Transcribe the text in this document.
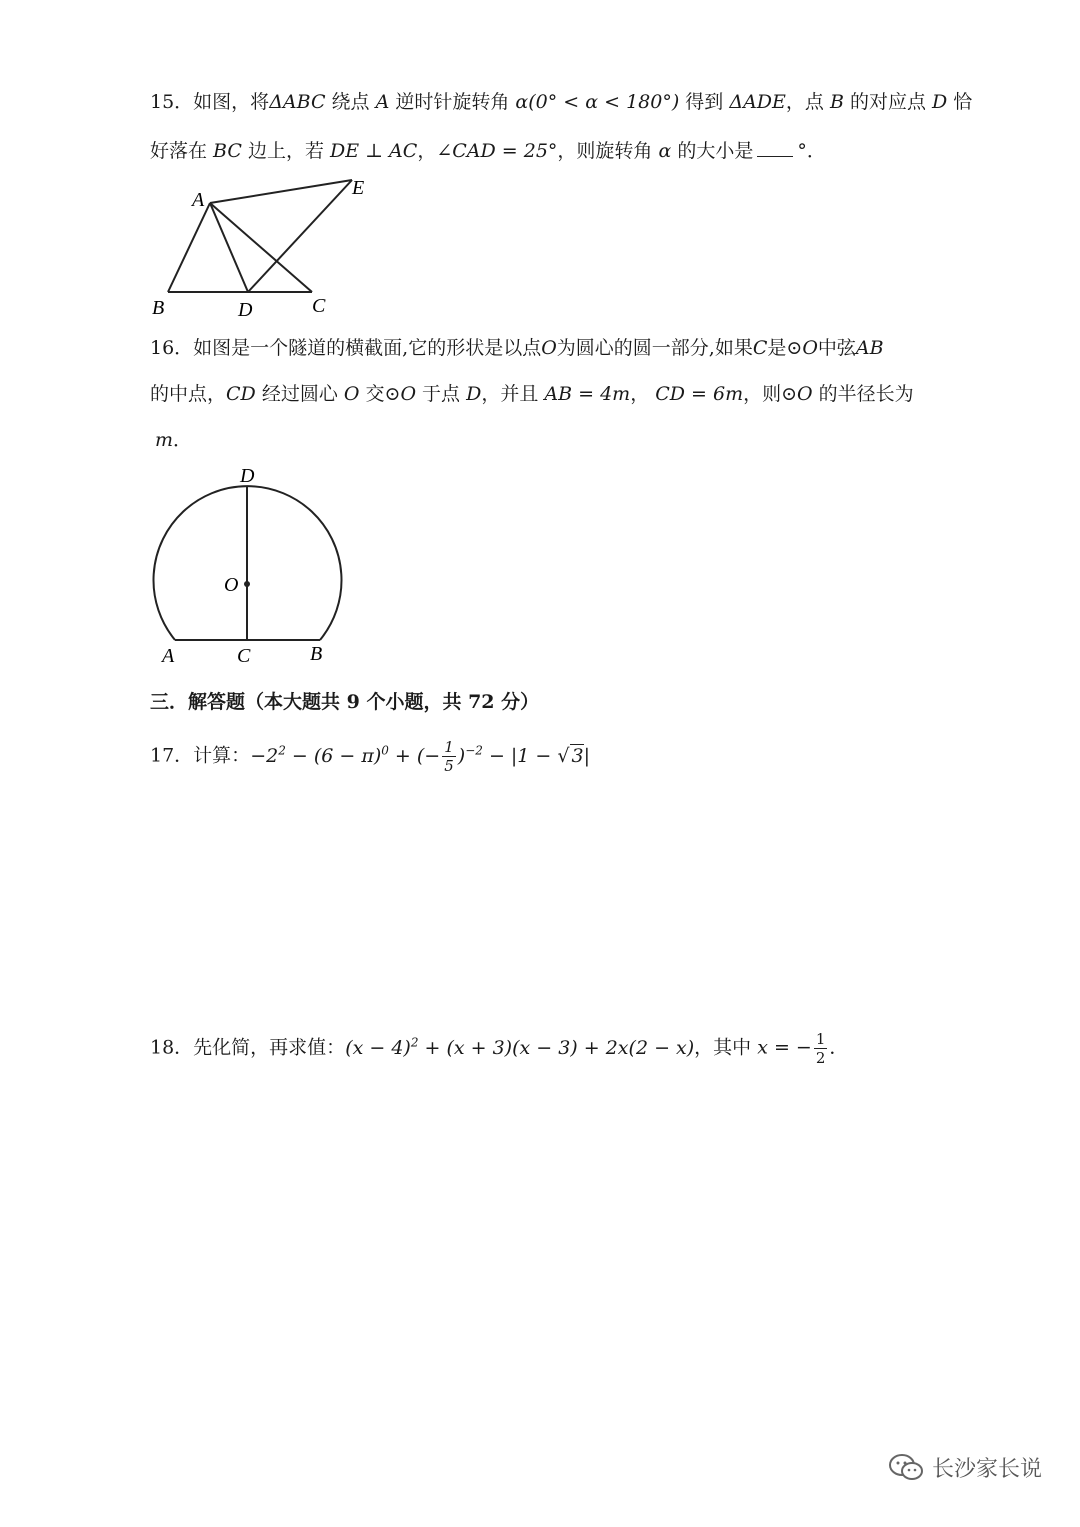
15．如图，将ΔABC 绕点 A 逆时针旋转角 α(0° < α < 180°) 得到 ΔADE，点 B 的对应点 D 恰
好落在 BC 边上，若 DE ⊥ AC，∠CAD = 25°，则旋转角 α 的大小是 °．
A
B	D	C
E
16．如图是一个隧道的横截面,它的形状是以点O为圆心的圆一部分,如果C是⊙O中弦AB
的中点，CD 经过圆心 O 交⊙O 于点 D，并且 AB = 4m， CD = 6m，则⊙O 的半径长为
m．
D
O
A	C	B
三．解答题（本大题共 9 个小题，共 72 分）
17．计算：$-2^2 - (6 - \pi)^0$ + (− $\frac{1}{5} )^{-2} - |1$ − √ 3|
18．先化简，再求值：$(x - 4)^2 + (x + 3)(x - 3) + 2x(2 - x)$，其中 x = − $\frac{1}{2}$ ．
长沙家长说
